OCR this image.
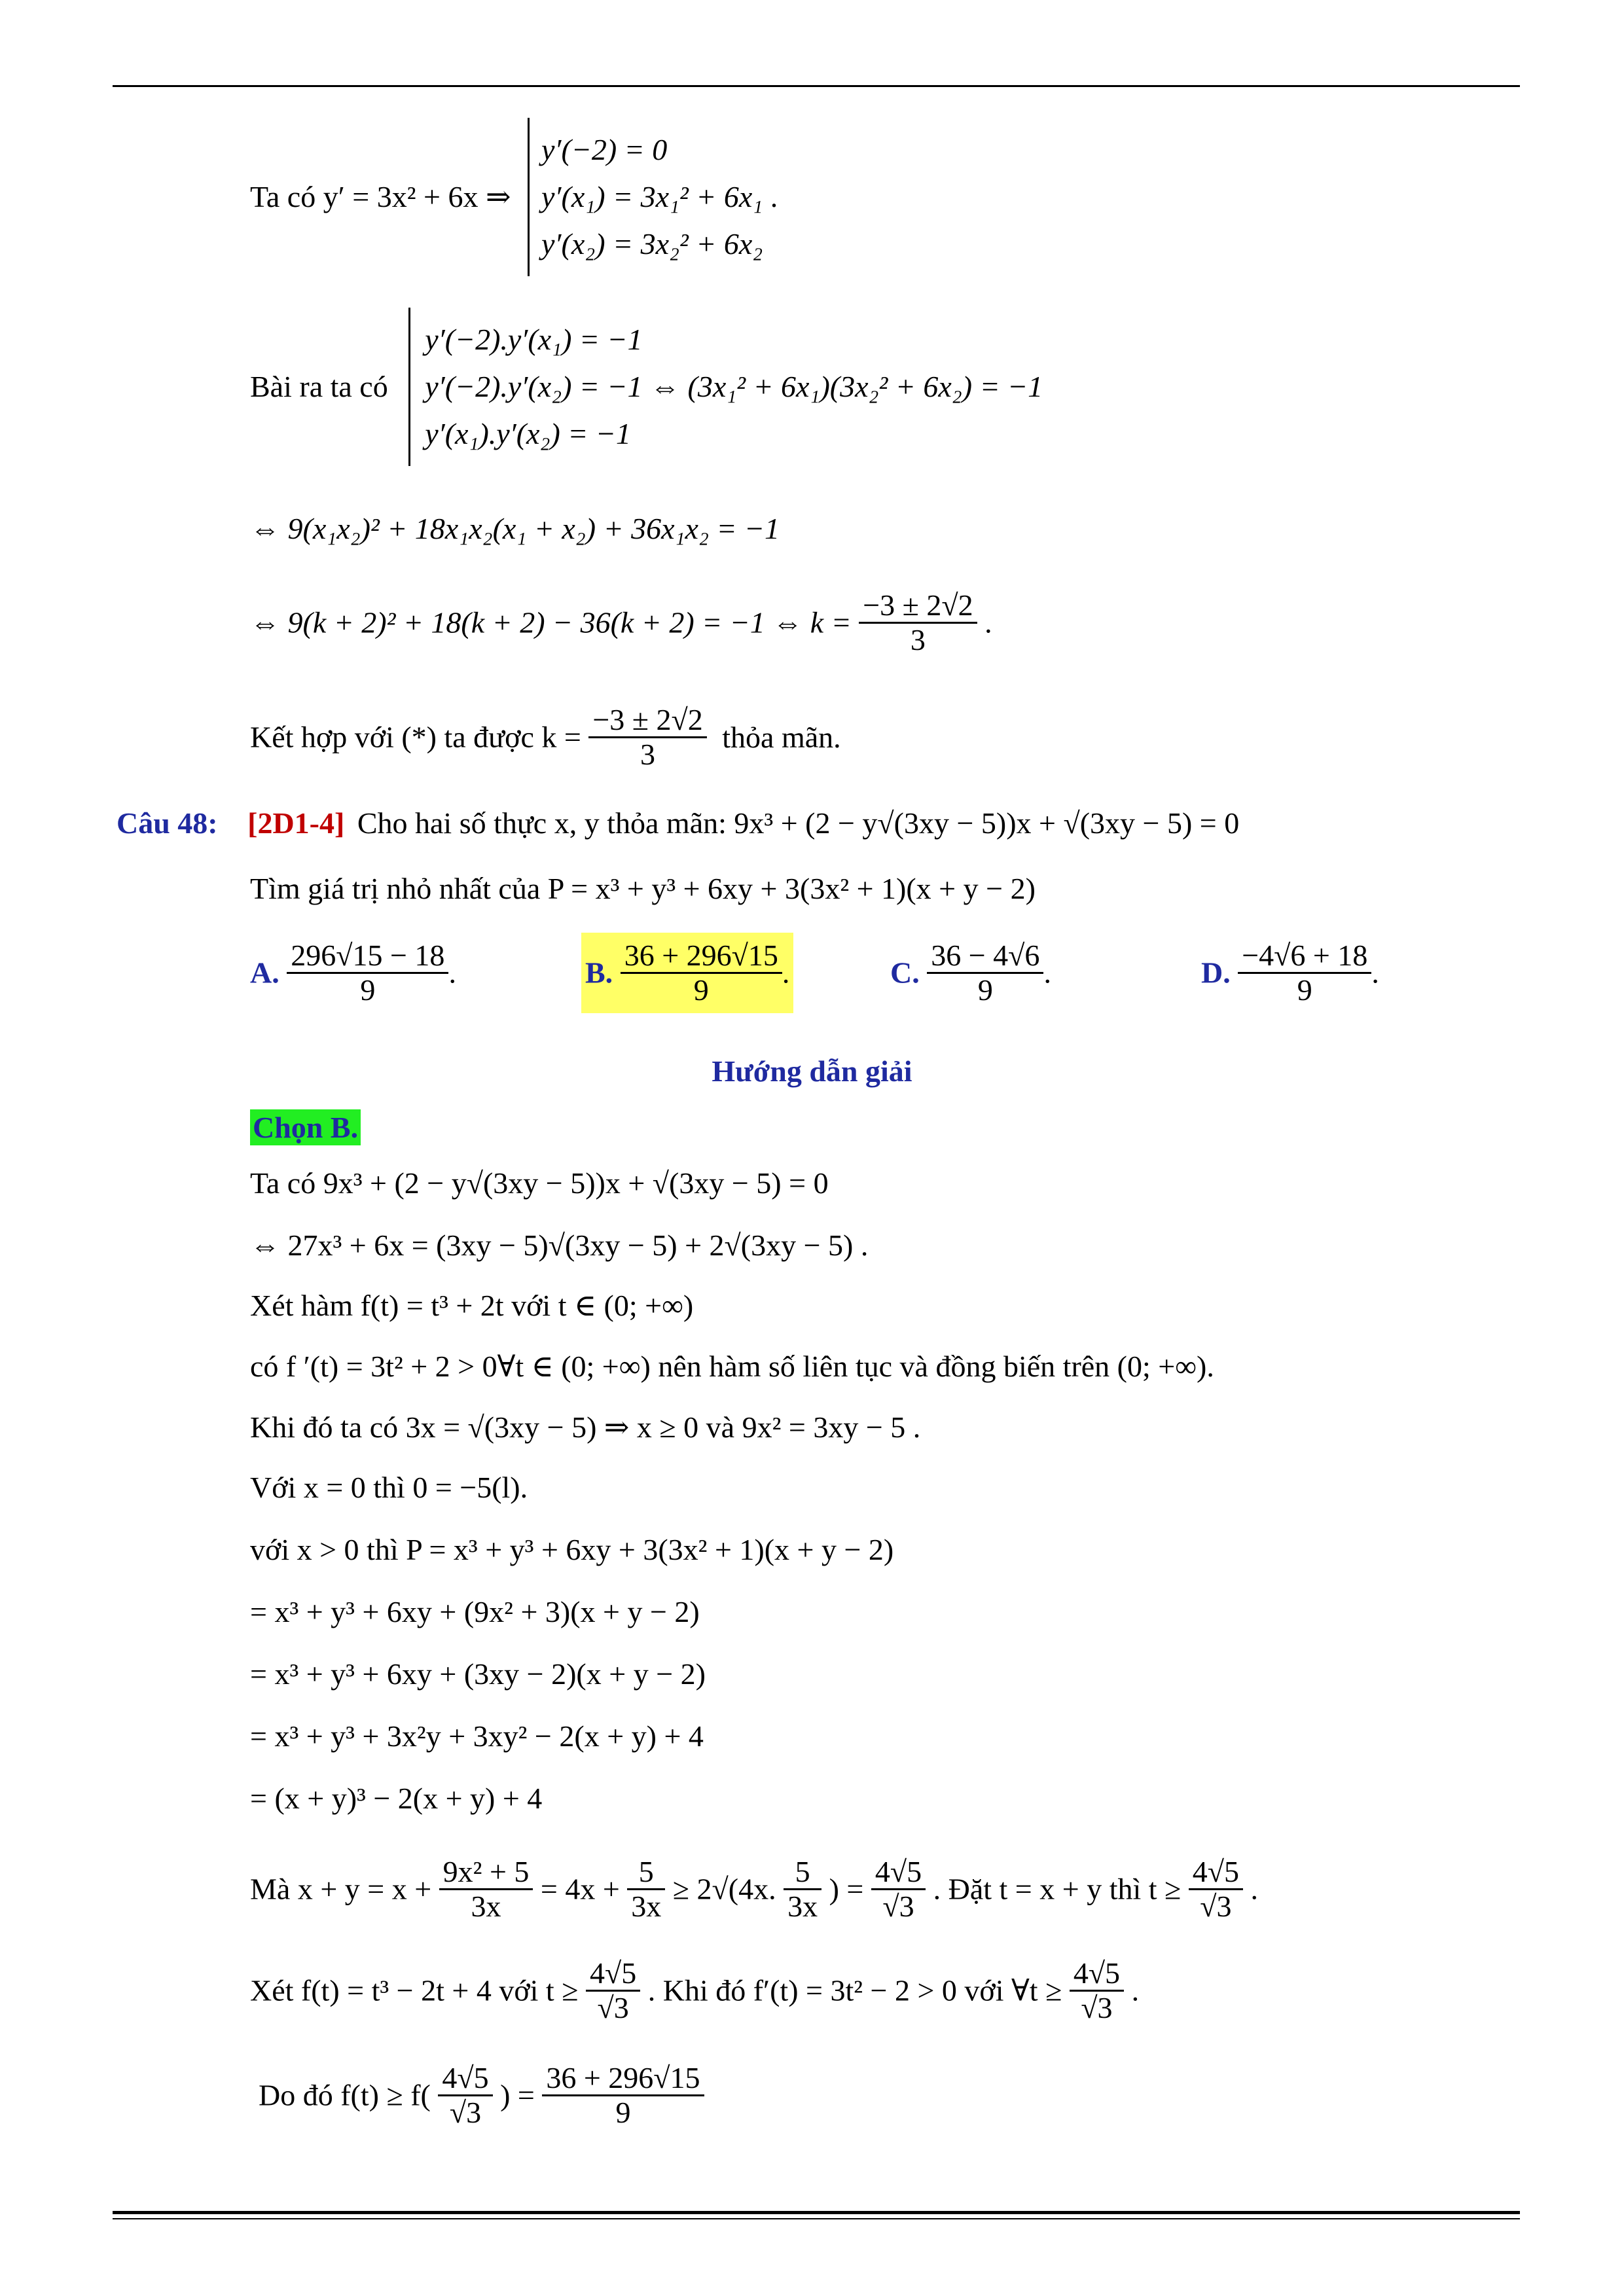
Ta có y′ = 3x² + 6x ⇒
y′(−2) = 0
y′(x₁) = 3x₁² + 6x₁
y′(x₂) = 3x₂² + 6x₂
.
Bài ra ta có
y′(−2).y′(x₁) = −1
y′(−2).y′(x₂) = −1 ⇔ (3x₁² + 6x₁)(3x₂² + 6x₂) = −1
y′(x₁).y′(x₂) = −1
⇔ 9(x₁x₂)² + 18x₁x₂(x₁ + x₂) + 36x₁x₂ = −1
⇔ 9(k + 2)² + 18(k + 2) − 36(k + 2) = −1 ⇔ $k = \frac{-3 \pm 2√2}{3}$ .
Kết hợp với (*) ta được $k = \frac{-3 \pm 2√2}{3}$ thỏa mãn.
Câu 48: [2D1-4] Cho hai số thực x, y thỏa mãn: 9x³ + (2 − y√(3xy − 5))x + √(3xy − 5) = 0
Tìm giá trị nhỏ nhất của P = x³ + y³ + 6xy + 3(3x² + 1)(x + y − 2)
A. $\frac{296√15 - 18}{9}$ .	B. $\frac{36 + 296√15}{9}$ .	C. $\frac{36 - 4√6}{9}$ .	D. $\frac{-4√6 + 18}{9}$ .
Hướng dẫn giải
Chọn B.
Ta có 9x³ + (2 − y√(3xy − 5))x + √(3xy − 5) = 0
⇔ 27x³ + 6x = (3xy − 5)√(3xy − 5) + 2√(3xy − 5) .
Xét hàm f(t) = t³ + 2t với t ∈ (0; +∞)
có f ′(t) = 3t² + 2 > 0∀t ∈ (0; +∞) nên hàm số liên tục và đồng biến trên (0; +∞).
Khi đó ta có 3x = √(3xy − 5) ⇒ x ≥ 0 và 9x² = 3xy − 5 .
Với x = 0 thì 0 = −5(l).
với x > 0 thì P = x³ + y³ + 6xy + 3(3x² + 1)(x + y − 2)
= x³ + y³ + 6xy + (9x² + 3)(x + y − 2)
= x³ + y³ + 6xy + (3xy − 2)(x + y − 2)
= x³ + y³ + 3x²y + 3xy² − 2(x + y) + 4
= (x + y)³ − 2(x + y) + 4
Mà $x + y = x + \frac{\text{9x² + 5}}{3x} = 4x + \frac{5}{3x} \ge 2√(4x$. $\frac{5}{3x}$ ) = $\frac{4√5}{√3}$ . Đặt t = x + y thì $t \ge \frac{4√5}{√3}$ .
Xét f(t) = t³ − 2t + 4 với $t \ge \frac{4√5}{√3}$ . Khi đó f′(t) = 3t² − 2 > 0 với ∀t ≥ $\frac{4√5}{√3}$ .
Do đó $f(t) \ge f( \frac{4√5}{√3}$ ) = $\frac{36 + 296√15}{9}$
